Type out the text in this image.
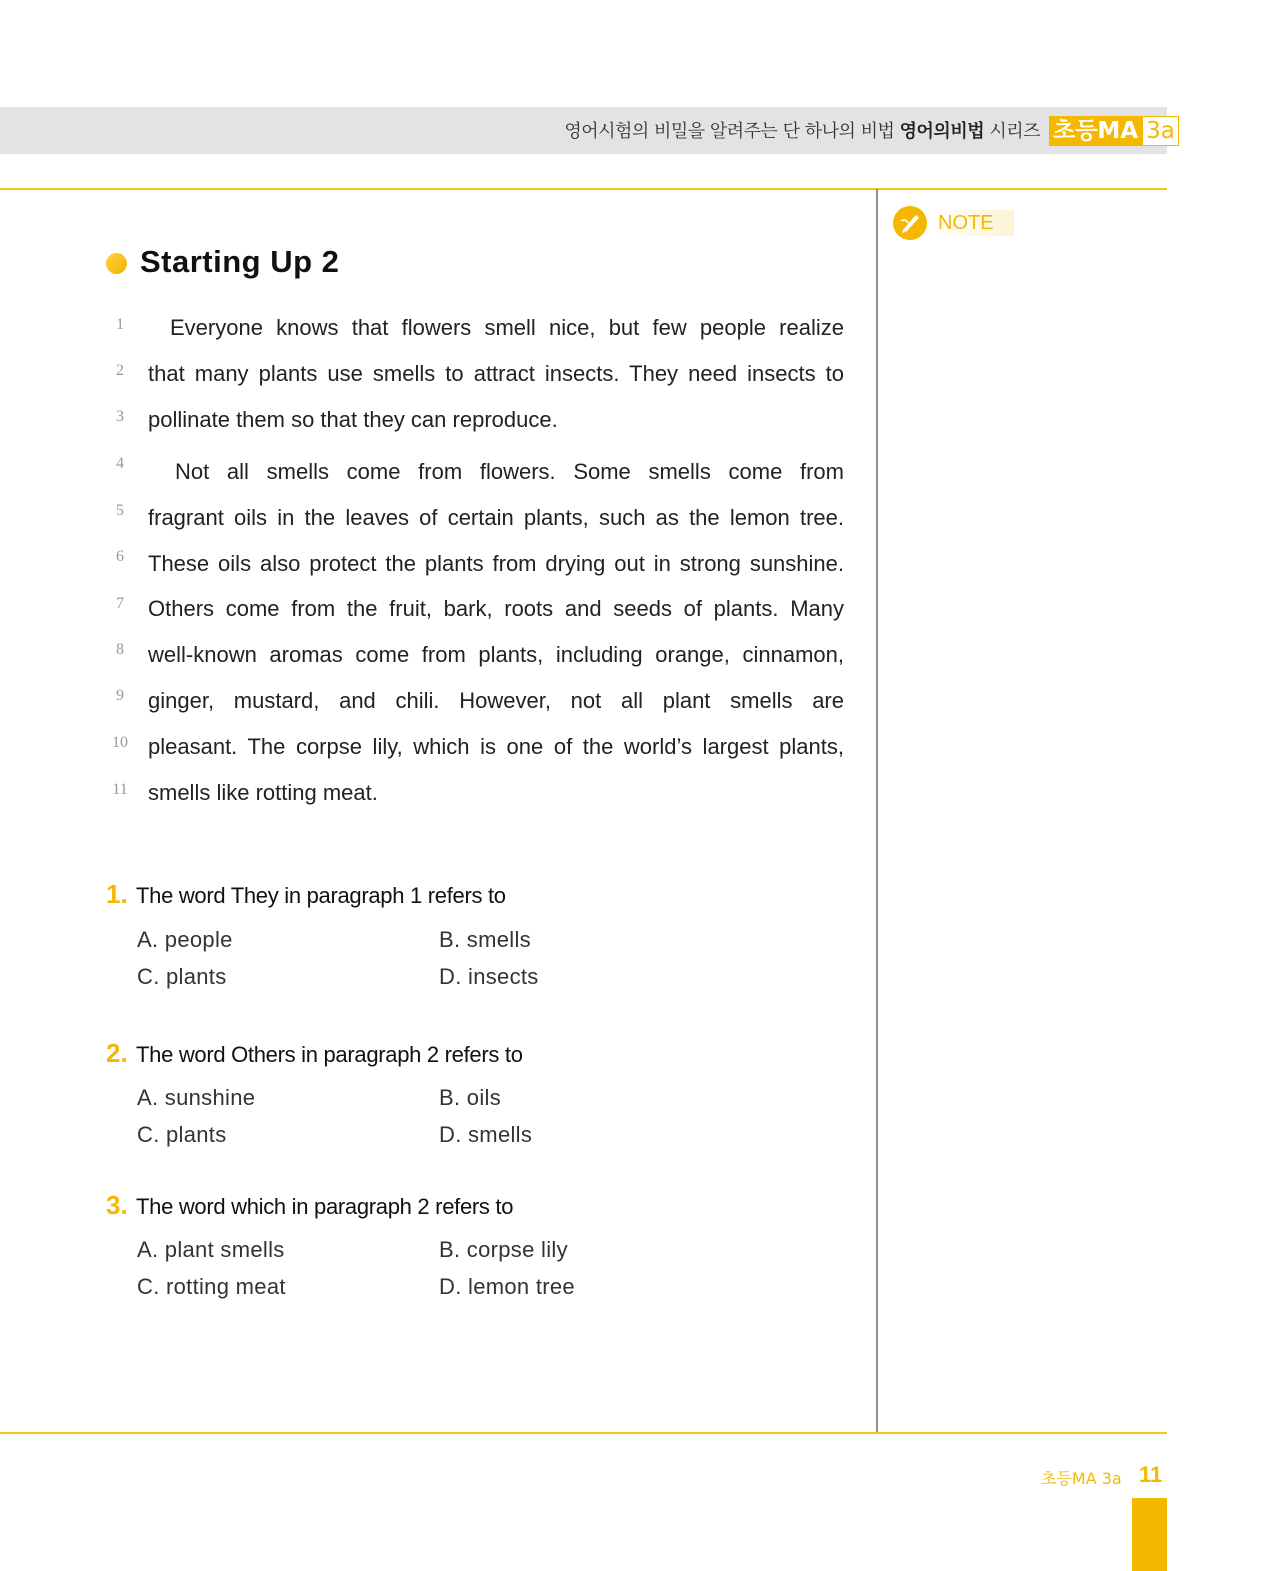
영어시험의 비밀을 알려주는 단 하나의 비법 영어의비법 시리즈 초등MA 3a
NOTE
Starting Up 2
1
2
3
4
5
6
7
8
9
10
11
Everyone knows that flowers smell nice, but few people realize
that many plants use smells to attract insects. They need insects to
pollinate them so that they can reproduce.
Not all smells come from flowers. Some smells come from
fragrant oils in the leaves of certain plants, such as the lemon tree.
These oils also protect the plants from drying out in strong sunshine.
Others come from the fruit, bark, roots and seeds of plants. Many
well-known aromas come from plants, including orange, cinnamon,
ginger, mustard, and chili. However, not all plant smells are
pleasant. The corpse lily, which is one of the world’s largest plants,
smells like rotting meat.
1. The word They in paragraph 1 refers to
A. people	B. smells
C. plants	D. insects
2. The word Others in paragraph 2 refers to
A. sunshine	B. oils
C. plants	D. smells
3. The word which in paragraph 2 refers to
A. plant smells	B. corpse lily
C. rotting meat	D. lemon tree
초등MA 3a 11
